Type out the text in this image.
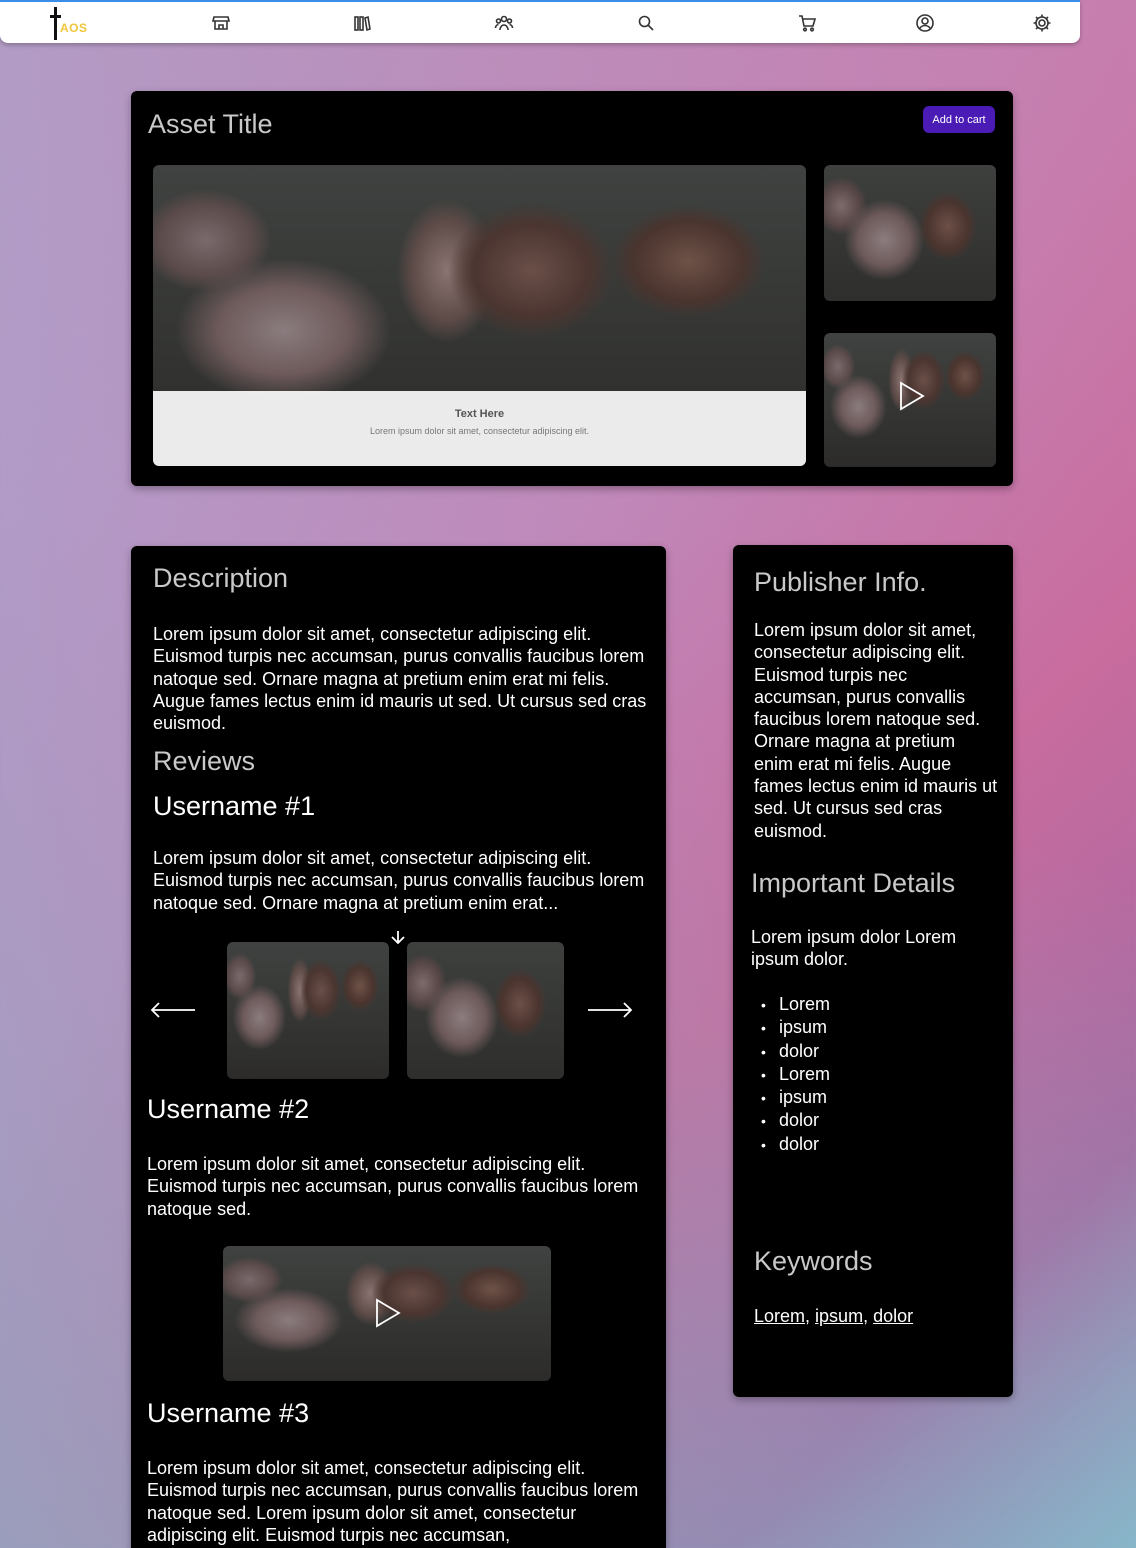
AOS
Asset Title	Add to cart
Text Here
Lorem ipsum dolor sit amet, consectetur adipiscing elit.
Description
Lorem ipsum dolor sit amet, consectetur adipiscing elit. Euismod turpis nec accumsan, purus convallis faucibus lorem natoque sed. Ornare magna at pretium enim erat mi felis. Augue fames lectus enim id mauris ut sed. Ut cursus sed cras euismod.
Reviews
Username #1
Lorem ipsum dolor sit amet, consectetur adipiscing elit. Euismod turpis nec accumsan, purus convallis faucibus lorem natoque sed. Ornare magna at pretium enim erat...
Username #2
Lorem ipsum dolor sit amet, consectetur adipiscing elit. Euismod turpis nec accumsan, purus convallis faucibus lorem natoque sed.
Username #3
Lorem ipsum dolor sit amet, consectetur adipiscing elit. Euismod turpis nec accumsan, purus convallis faucibus lorem natoque sed. Lorem ipsum dolor sit amet, consectetur adipiscing elit. Euismod turpis nec accumsan,
Publisher Info.
Lorem ipsum dolor sit amet, consectetur adipiscing elit. Euismod turpis nec accumsan, purus convallis faucibus lorem natoque sed. Ornare magna at pretium enim erat mi felis. Augue fames lectus enim id mauris ut sed. Ut cursus sed cras euismod.
Important Details
Lorem ipsum dolor Lorem ipsum dolor.
• Lorem
• ipsum
• dolor
• Lorem
• ipsum
• dolor
• dolor
Keywords
Lorem, ipsum, dolor
